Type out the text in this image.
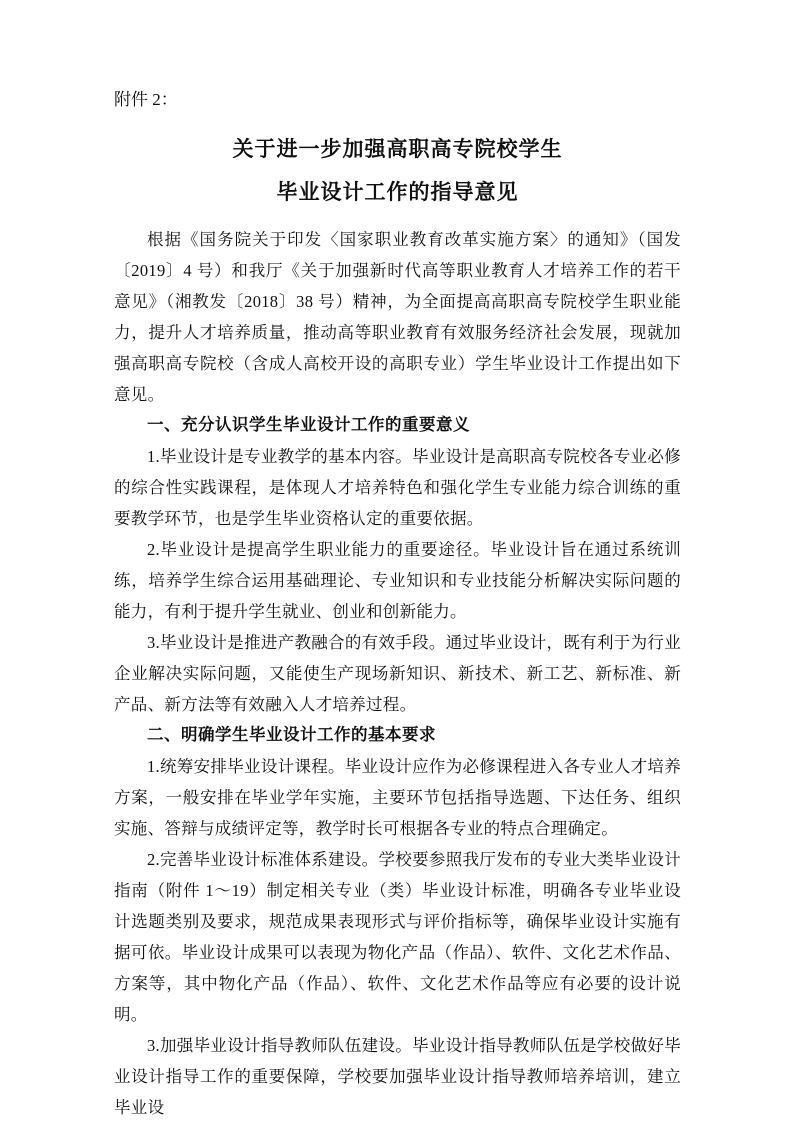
附件 2：

关于进一步加强高职高专院校学生

毕业设计工作的指导意见

根据《国务院关于印发〈国家职业教育改革实施方案〉的通知》（国发〔2019〕4 号）和我厅《关于加强新时代高等职业教育人才培养工作的若干意见》（湘教发〔2018〕38 号）精神，为全面提高高职高专院校学生职业能力，提升人才培养质量，推动高等职业教育有效服务经济社会发展，现就加强高职高专院校（含成人高校开设的高职专业）学生毕业设计工作提出如下意见。

一、充分认识学生毕业设计工作的重要意义

1.毕业设计是专业教学的基本内容。毕业设计是高职高专院校各专业必修的综合性实践课程，是体现人才培养特色和强化学生专业能力综合训练的重要教学环节，也是学生毕业资格认定的重要依据。

2.毕业设计是提高学生职业能力的重要途径。毕业设计旨在通过系统训练，培养学生综合运用基础理论、专业知识和专业技能分析解决实际问题的能力，有利于提升学生就业、创业和创新能力。

3.毕业设计是推进产教融合的有效手段。通过毕业设计，既有利于为行业企业解决实际问题，又能使生产现场新知识、新技术、新工艺、新标准、新产品、新方法等有效融入人才培养过程。

二、明确学生毕业设计工作的基本要求

1.统筹安排毕业设计课程。毕业设计应作为必修课程进入各专业人才培养方案，一般安排在毕业学年实施，主要环节包括指导选题、下达任务、组织实施、答辩与成绩评定等，教学时长可根据各专业的特点合理确定。

2.完善毕业设计标准体系建设。学校要参照我厅发布的专业大类毕业设计指南（附件 1～19）制定相关专业（类）毕业设计标准，明确各专业毕业设计选题类别及要求，规范成果表现形式与评价指标等，确保毕业设计实施有据可依。毕业设计成果可以表现为物化产品（作品）、软件、文化艺术作品、方案等，其中物化产品（作品）、软件、文化艺术作品等应有必要的设计说明。

3.加强毕业设计指导教师队伍建设。毕业设计指导教师队伍是学校做好毕业设计指导工作的重要保障，学校要加强毕业设计指导教师培养培训，建立毕业设
